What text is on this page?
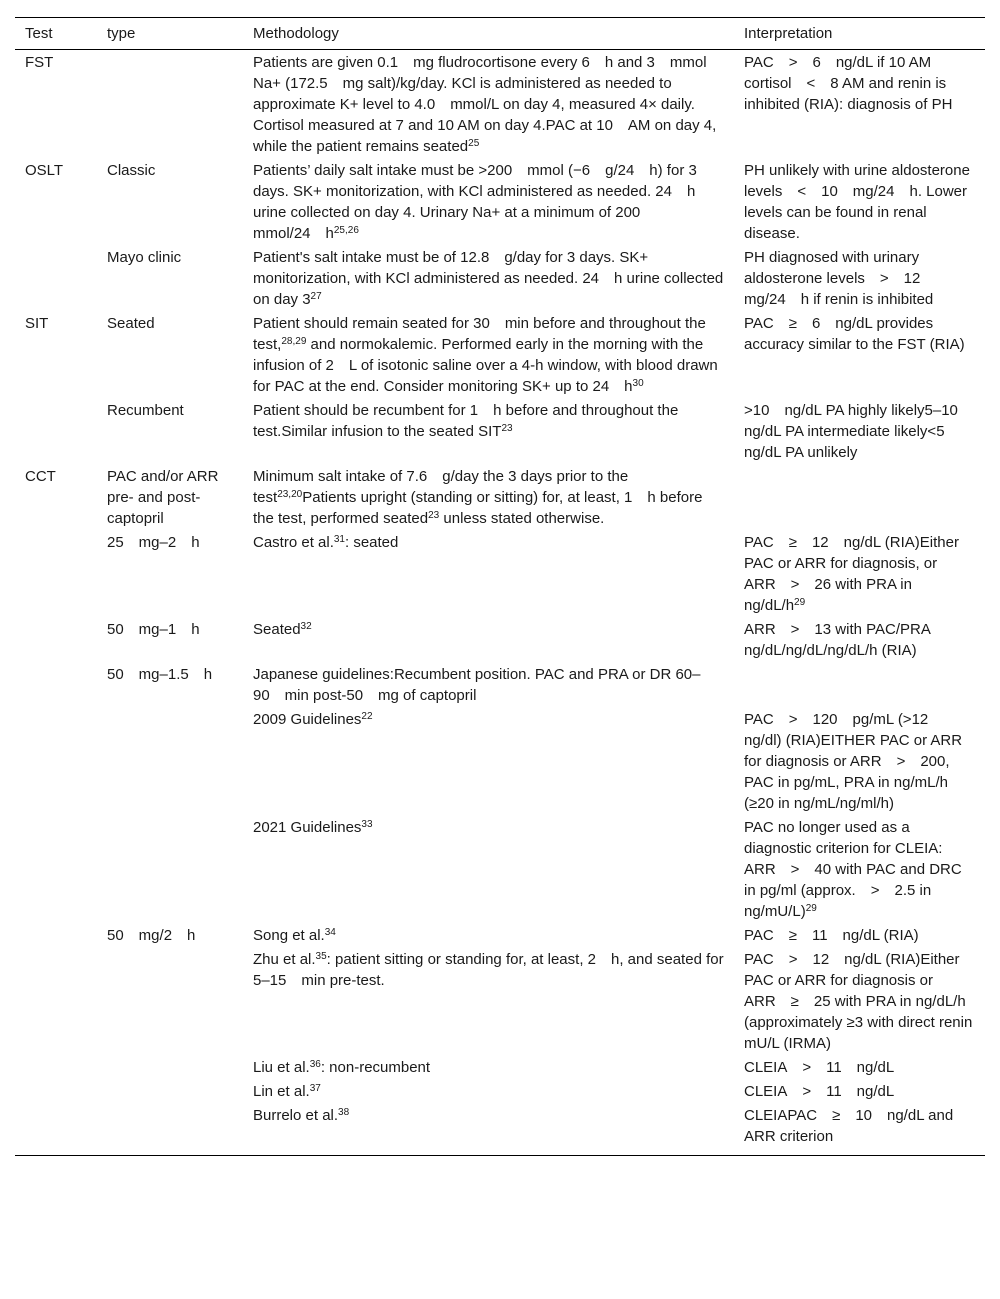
Test	type	Methodology	Interpretation
FST		Patients are given 0.1 mg fludrocortisone every 6 h and 3 mmol Na+ (172.5 mg salt)/kg/day. KCl is administered as needed to approximate K+ level to 4.0 mmol/L on day 4, measured 4× daily. Cortisol measured at 7 and 10 AM on day 4.PAC at 10 AM on day 4, while the patient remains seated$^{25}$	PAC > 6 ng/dL if 10 AM cortisol < 8 AM and renin is inhibited (RIA): diagnosis of PH
OSLT	Classic	Patients’ daily salt intake must be >200 mmol (−6 g/24 h) for 3 days. SK+ monitorization, with KCl administered as needed. 24 h urine collected on day 4. Urinary Na+ at a minimum of 200 mmol/24 $h^{25,26}$	PH unlikely with urine aldosterone levels < 10 mg/24 h. Lower levels can be found in renal disease.
	Mayo clinic	Patient's salt intake must be of 12.8 g/day for 3 days. SK+ monitorization, with KCl administered as needed. 24 h urine collected on day $3^{27}$	PH diagnosed with urinary aldosterone levels > 12 mg/24 h if renin is inhibited
SIT	Seated	Patient should remain seated for 30 min before and throughout the test,$^{28,29}$ and normokalemic. Performed early in the morning with the infusion of 2 L of isotonic saline over a 4-h window, with blood drawn for PAC at the end. Consider monitoring SK+ up to 24 $h^{30}$	PAC ≥ 6 ng/dL provides accuracy similar to the FST (RIA)
	Recumbent	Patient should be recumbent for 1 h before and throughout the test.Similar infusion to the seated $SIT^{23}$	>10 ng/dL PA highly likely5–10 ng/dL PA intermediate likely<5 ng/dL PA unlikely
CCT	PAC and/or ARR pre- and post-captopril	Minimum salt intake of 7.6 g/day the 3 days prior to the test$^{23,20}$Patients upright (standing or sitting) for, at least, 1 h before the test, performed seated$^{23}$ unless stated otherwise.	
	25 mg–2 h	Castro et al.$^{31}$: seated	PAC ≥ 12 ng/dL (RIA)Either PAC or ARR for diagnosis, or ARR > 26 with PRA in $ng/dL/h^{29}$
	50 mg–1 h	Seated$^{32}$	ARR > 13 with PAC/PRA ng/dL/ng/dL/ng/dL/h (RIA)
	50 mg–1.5 h	Japanese guidelines:Recumbent position. PAC and PRA or DR 60–90 min post-50 mg of captopril	
		2009 Guidelines$^{22}$	PAC > 120 pg/mL (>12 ng/dl) (RIA)EITHER PAC or ARR for diagnosis or ARR > 200, PAC in pg/mL, PRA in ng/mL/h (≥20 in ng/mL/ng/ml/h)
		2021 Guidelines$^{33}$	PAC no longer used as a diagnostic criterion for CLEIA: ARR > 40 with PAC and DRC in pg/ml (approx. > 2.5 in ng/mU/L)$^{29}$
	50 mg/2 h	Song et al.$^{34}$	PAC ≥ 11 ng/dL (RIA)
		Zhu et al.$^{35}$: patient sitting or standing for, at least, 2 h, and seated for 5–15 min pre-test.	PAC > 12 ng/dL (RIA)Either PAC or ARR for diagnosis or ARR ≥ 25 with PRA in ng/dL/h (approximately ≥3 with direct renin mU/L (IRMA)
		Liu et al.$^{36}$: non-recumbent	CLEIA > 11 ng/dL
		Lin et al.$^{37}$	CLEIA > 11 ng/dL
		Burrelo et al.$^{38}$	CLEIAPAC ≥ 10 ng/dL and ARR criterion
